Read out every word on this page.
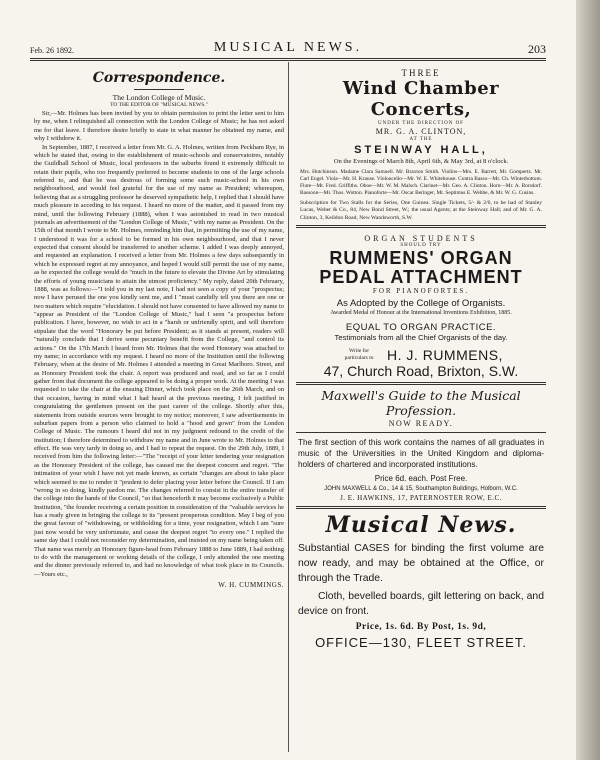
Feb. 26 1892.	MUSICAL NEWS.	203
Correspondence.
The London College of Music.
TO THE EDITOR OF "MUSICAL NEWS."

Sir,—Mr. Holmes has been invited by you to obtain permission to print the letter sent to him by me, when I relinquished all connection with the London College of Music; he has not asked me for that leave. I therefore desire briefly to state in what manner he obtained my name, and why I withdrew it.

In September, 1887, I received a letter from Mr. G. A. Holmes, written from Peckham Rye, in which he stated that, owing to the establishment of music-schools and conservatoires, notably the Guildhall School of Music, local professors in the suburbs found it extremely difficult to retain their pupils, who too frequently preferred to become students in one of the large schools referred to, and that he was desirous of forming some such music-school in his own neighbourhood, and would feel grateful for the use of my name as President; whereupon, believing that as a struggling professor he deserved sympathetic help, I replied that I should have much pleasure in acceding to his request. I heard no more of the matter, and it passed from my mind, until the following February (1888), when I was astonished to read in two musical journals an advertisement of the "London College of Music," with my name as President. On the 15th of that month I wrote to Mr. Holmes, reminding him that, in permitting the use of my name, I understood it was for a school to be formed in his own neighbourhood, and that I never expected that consent should be transferred to another scheme. I added I was deeply annoyed, and requested an explanation. I received a letter from Mr. Holmes a few days subsequently in which he expressed regret at my annoyance, and hoped I would still permit the use of my name, as he expected the college would do "much in the future to elevate the Divine Art by stimulating the efforts of young musicians to attain the utmost proficiency." My reply, dated 20th February, 1888, was as follows:—"I told you in my last note, I had not seen a copy of your "prospectus; now I have perused the one you kindly sent me, and I "must candidly tell you there are one or two matters which require "elucidation. I should not have consented to have allowed my name to "appear as President of the "London College of Music," had I seen "a prospectus before publication. I have, however, no wish to act in a "harsh or unfriendly spirit, and will therefore stipulate that the word "Honorary be put before President; as it stands at present, readers will "naturally conclude that I derive some pecuniary benefit from the College, "and control its actions." On the 17th March I heard from Mr. Holmes that the word Honorary was attached to my name; in accordance with my request. I heard no more of the Institution until the following February, when at the desire of Mr. Holmes I attended a meeting in Great Marlboro. Street, and as Honorary President took the chair. A report was produced and read, and so far as I could gather from that document the college appeared to be doing a proper work. At the meeting I was requested to take the chair at the ensuing Dinner, which took place on the 26th March, and on that occasion, having in mind what I had heard at the previous meeting, I felt justified in congratulating the gentlemen present on the past career of the college. Shortly after this, statements from outside sources were brought to my notice; moreover, I saw advertisements in suburban papers from a person who claimed to hold a "hood and gown" from the London College of Music. The rumours I heard did not in my judgment redound to the credit of the institution; I therefore determined to withdraw my name and in June wrote to Mr. Holmes to that effect. He was very tardy in doing so, and I had to repeat the request. On the 29th July, 1889, I received from him the following letter:—"The "receipt of your letter tendering your resignation as the Honorary President of the college, has caused me the deepest concern and regret. "The intimation of your wish I have not yet made known, as certain "changes are about to take place which seemed to me to render it "prudent to defer placing your letter before the Council. If I am "wrong in so doing, kindly pardon me. The changes referred to consist in the entire transfer of the college into the hands of the Council, "so that henceforth it may become exclusively a Public Institution, "the founder receiving a certain position in consideration of the "valuable services he has a ready given in bringing the college to its "present prosperous condition. May I beg of you the great favour of "withdrawing, or withholding for a time, your resignation, which I am "sure just now would be very unfortunate, and cause the deepest regret "to every one." I replied the same day that I could not reconsider my determination, and insisted on my name being taken off. That name was merely an Honorary figure-head from February 1888 to June 1889, I had nothing to do with the management or working details of the college, I only attended the one meeting and the dinner previously referred to, and had no knowledge of what took place in its Councils.—Yours etc.,

W. H. CUMMINGS.
THREE
Wind Chamber Concerts,
UNDER THE DIRECTION OF
MR. G. A. CLINTON,
AT THE
STEINWAY HALL,
On the Evenings of March 8th, April 6th, & May 3rd, at 8 o'clock.
Mrs. Hutchinson. Madame Clara Samuell. Mr. Braxton Smith. Violins—Mrs. E. Barrett, Mr. Gompertz. Mr. Carl Engel. Viola—Mr. H. Krause. Violoncello—Mr. W. E. Whitehouse. Contra Basso—Mr. Ch. Winterbottom. Flute—Mr. Fred. Griffiths. Oboe—Mr. W. M. Malsch. Clarinet—Mr. Geo. A. Clinton. Horn—Mr. A. Borsdorf. Bassoon—Mr. Thos. Wotton. Pianoforte—Mr. Oscar Beringer, Mr. Septimus E. Webbe, & Mr. W. G. Cusins.
Subscription for Two Stalls for the Series, One Guinea. Single Tickets, 5/- & 2/6, to be had of Stanley Lucas, Weber & Co., 84, New Bond Street, W.; the usual Agents; at the Steinway Hall; and of Mr. G. A. Clinton, 3, Keildon Road, New Wandsworth, S.W.
ORGAN STUDENTS
SHOULD TRY
RUMMENS' ORGAN
PEDAL ATTACHMENT
FOR PIANOFORTES.
As Adopted by the College of Organists.
Awarded Medal of Honour at the International Inventions Exhibition, 1885.
EQUAL TO ORGAN PRACTICE.
Testimonials from all the Chief Organists of the day.
Write for particulars to H. J. RUMMENS,
47, Church Road, Brixton, S.W.
Maxwell's Guide to the Musical Profession.
NOW READY.
The first section of this work contains the names of all graduates in music of the Universities in the United Kingdom and diploma-holders of chartered and incorporated institutions.
Price 6d. each. Post Free.
JOHN MAXWELL & Co., 14 & 15, Southampton Buildings, Holborn, W.C.
J. E. HAWKINS, 17, PATERNOSTER ROW, E.C.
Musical News.
Substantial CASES for binding the first volume are now ready, and may be obtained at the Office, or through the Trade.
Cloth, bevelled boards, gilt lettering on back, and device on front.
Price, 1s. 6d. By Post, 1s. 9d,
OFFICE—130, FLEET STREET.
